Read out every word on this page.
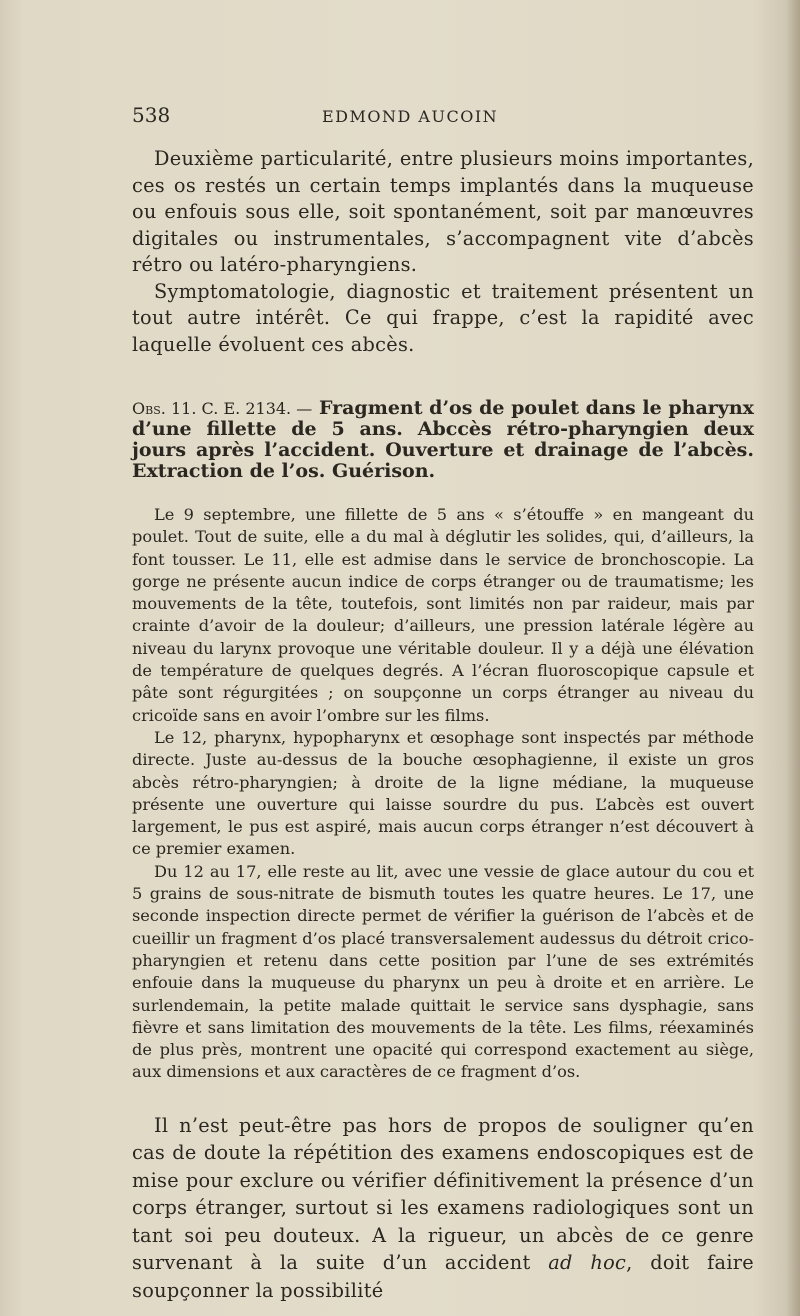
538	EDMOND AUCOIN

Deuxième particularité, entre plusieurs moins importantes, ces os restés un certain temps implantés dans la muqueuse ou enfouis sous elle, soit spontanément, soit par manœuvres digitales ou instrumentales, s’accompagnent vite d’abcès rétro ou latéro-pharyngiens.

Symptomatologie, diagnostic et traitement présentent un tout autre intérêt. Ce qui frappe, c’est la rapidité avec laquelle évoluent ces abcès.

Obs. 11. C. E. 2134. — Fragment d’os de poulet dans le pharynx d’une fillette de 5 ans. Abccès rétro-pharyngien deux jours après l’accident. Ouverture et drainage de l’abcès. Extraction de l’os. Guérison.

Le 9 septembre, une fillette de 5 ans « s’étouffe » en mangeant du poulet. Tout de suite, elle a du mal à déglutir les solides, qui, d’ailleurs, la font tousser. Le 11, elle est admise dans le service de bronchoscopie. La gorge ne présente aucun indice de corps étranger ou de traumatisme; les mouvements de la tête, toutefois, sont limités non par raideur, mais par crainte d’avoir de la douleur; d’ailleurs, une pression latérale légère au niveau du larynx provoque une véritable douleur. Il y a déjà une élévation de température de quelques degrés. A l’écran fluoroscopique capsule et pâte sont régurgitées ; on soupçonne un corps étranger au niveau du cricoïde sans en avoir l’ombre sur les films.

Le 12, pharynx, hypopharynx et œsophage sont inspectés par méthode directe. Juste au-dessus de la bouche œsophagienne, il existe un gros abcès rétro-pharyngien; à droite de la ligne médiane, la muqueuse présente une ouverture qui laisse sourdre du pus. L’abcès est ouvert largement, le pus est aspiré, mais aucun corps étranger n’est découvert à ce premier examen.

Du 12 au 17, elle reste au lit, avec une vessie de glace autour du cou et 5 grains de sous-nitrate de bismuth toutes les quatre heures. Le 17, une seconde inspection directe permet de vérifier la guérison de l’abcès et de cueillir un fragment d’os placé transversalement audessus du détroit crico-pharyngien et retenu dans cette position par l’une de ses extrémités enfouie dans la muqueuse du pharynx un peu à droite et en arrière. Le surlendemain, la petite malade quittait le service sans dysphagie, sans fièvre et sans limitation des mouvements de la tête. Les films, réexaminés de plus près, montrent une opacité qui correspond exactement au siège, aux dimensions et aux caractères de ce fragment d’os.

Il n’est peut-être pas hors de propos de souligner qu’en cas de doute la répétition des examens endoscopiques est de mise pour exclure ou vérifier définitivement la présence d’un corps étranger, surtout si les examens radiologiques sont un tant soi peu douteux. A la rigueur, un abcès de ce genre survenant à la suite d’un accident ad hoc, doit faire soupçonner la possibilité
